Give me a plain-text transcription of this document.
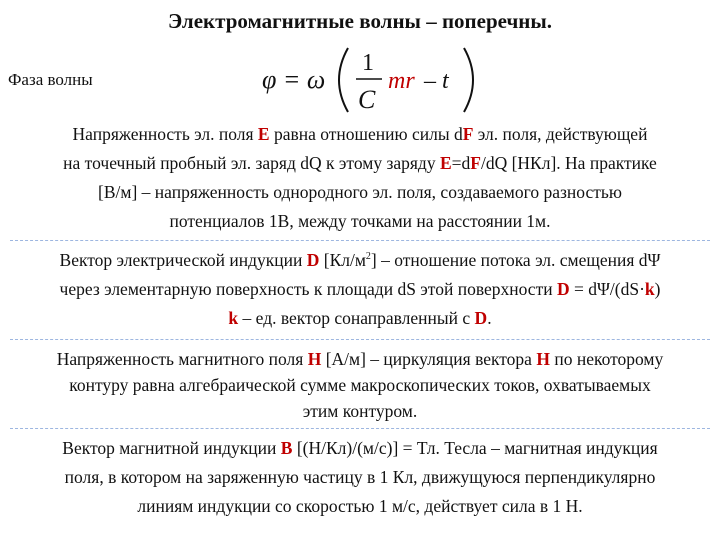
Электромагнитные волны – поперечны.
Фаза волны	φ = ω
1
C
mr – t
Напряженность эл. поля E равна отношению силы dF эл. поля, действующей
на точечный пробный эл. заряд dQ к этому заряду E=dF/dQ [НКл]. На практике
[В/м] – напряженность однородного эл. поля, создаваемого разностью
потенциалов 1В, между точками на расстоянии 1м.
Вектор электрической индукции D $[Кл/м^2]$ – отношение потока эл. смещения dΨ
через элементарную поверхность к площади dS этой поверхности D = dΨ/(dS·k)
k – ед. вектор сонаправленный с D.
Напряженность магнитного поля H [А/м] – циркуляция вектора H по некоторому
контуру равна алгебраической сумме макроскопических токов, охватываемых
этим контуром.
Вектор магнитной индукции B [(Н/Кл)/(м/с)] = Тл. Тесла – магнитная индукция
поля, в котором на заряженную частицу в 1 Кл, движущуюся перпендикулярно
линиям индукции со скоростью 1 м/с, действует сила в 1 Н.
